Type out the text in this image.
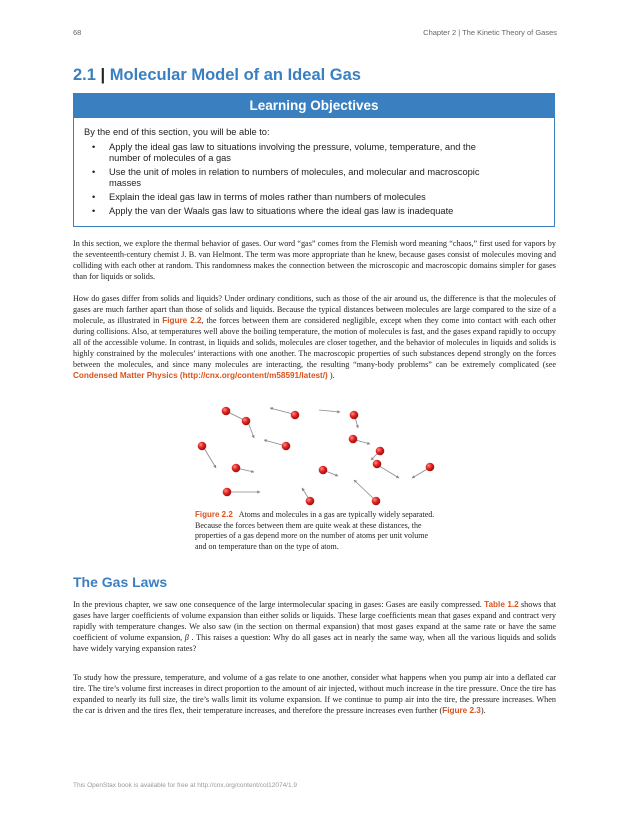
68	Chapter 2 | The Kinetic Theory of Gases
2.1 | Molecular Model of an Ideal Gas
Learning Objectives
By the end of this section, you will be able to:
• Apply the ideal gas law to situations involving the pressure, volume, temperature, and the number of molecules of a gas
• Use the unit of moles in relation to numbers of molecules, and molecular and macroscopic masses
• Explain the ideal gas law in terms of moles rather than numbers of molecules
• Apply the van der Waals gas law to situations where the ideal gas law is inadequate

In this section, we explore the thermal behavior of gases. Our word “gas” comes from the Flemish word meaning “chaos,” first used for vapors by the seventeenth-century chemist J. B. van Helmont. The term was more appropriate than he knew, because gases consist of molecules moving and colliding with each other at random. This randomness makes the connection between the microscopic and macroscopic domains simpler for gases than for liquids or solids.

How do gases differ from solids and liquids? Under ordinary conditions, such as those of the air around us, the difference is that the molecules of gases are much farther apart than those of solids and liquids. Because the typical distances between molecules are large compared to the size of a molecule, as illustrated in Figure 2.2, the forces between them are considered negligible, except when they come into contact with each other during collisions. Also, at temperatures well above the boiling temperature, the motion of molecules is fast, and the gases expand rapidly to occupy all of the accessible volume. In contrast, in liquids and solids, molecules are closer together, and the behavior of molecules in liquids and solids is highly constrained by the molecules’ interactions with one another. The macroscopic properties of such substances depend strongly on the forces between the molecules, and since many molecules are interacting, the resulting “many-body problems” can be extremely complicated (see Condensed Matter Physics (http://cnx.org/content/m58591/latest/) ).

Figure 2.2 Atoms and molecules in a gas are typically widely separated. Because the forces between them are quite weak at these distances, the properties of a gas depend more on the number of atoms per unit volume and on temperature than on the type of atom.

The Gas Laws

In the previous chapter, we saw one consequence of the large intermolecular spacing in gases: Gases are easily compressed. Table 1.2 shows that gases have larger coefficients of volume expansion than either solids or liquids. These large coefficients mean that gases expand and contract very rapidly with temperature changes. We also saw (in the section on thermal expansion) that most gases expand at the same rate or have the same coefficient of volume expansion, β . This raises a question: Why do all gases act in nearly the same way, when all the various liquids and solids have widely varying expansion rates?

To study how the pressure, temperature, and volume of a gas relate to one another, consider what happens when you pump air into a deflated car tire. The tire’s volume first increases in direct proportion to the amount of air injected, without much increase in the tire pressure. Once the tire has expanded to nearly its full size, the tire’s walls limit its volume expansion. If we continue to pump air into the tire, the pressure increases. When the car is driven and the tires flex, their temperature increases, and therefore the pressure increases even further (Figure 2.3).

This OpenStax book is available for free at http://cnx.org/content/col12074/1.9
